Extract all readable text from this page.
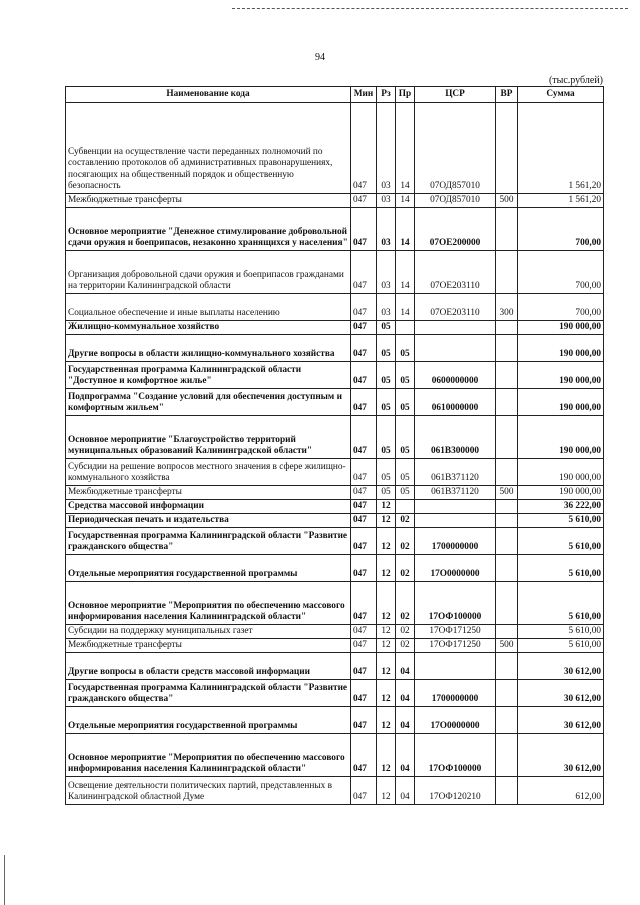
94
(тыс.рублей)
Наименование кода	Мин	Рз	Пр	ЦСР	ВР	Сумма
Субвенции на осуществление части переданных полномочий по составлению протоколов об административных правонарушениях, посягающих на общественный порядок и общественную безопасность	047	03	14	07ОД857010		1 561,20
Межбюджетные трансферты	047	03	14	07ОД857010	500	1 561,20
Основное мероприятие "Денежное стимулирование добровольной сдачи оружия и боеприпасов, незаконно хранящихся у населения"	047	03	14	07ОЕ200000		700,00
Организация добровольной сдачи оружия и боеприпасов гражданами на территории Калининградской области	047	03	14	07ОЕ203110		700,00
Социальное обеспечение и иные выплаты населению	047	03	14	07ОЕ203110	300	700,00
Жилищно-коммунальное хозяйство	047	05				190 000,00
Другие вопросы в области жилищно-коммунального хозяйства	047	05	05			190 000,00
Государственная программа Калининградской области "Доступное и комфортное жилье"	047	05	05	0600000000		190 000,00
Подпрограмма "Создание условий для обеспечения доступным и комфортным жильем"	047	05	05	0610000000		190 000,00
Основное мероприятие "Благоустройство территорий муниципальных образований Калининградской области"	047	05	05	061В300000		190 000,00
Субсидии на решение вопросов местного значения в сфере жилищно-коммунального хозяйства	047	05	05	061В371120		190 000,00
Межбюджетные трансферты	047	05	05	061В371120	500	190 000,00
Средства массовой информации	047	12				36 222,00
Периодическая печать и издательства	047	12	02			5 610,00
Государственная программа Калининградской области "Развитие гражданского общества"	047	12	02	1700000000		5 610,00
Отдельные мероприятия государственной программы	047	12	02	17О0000000		5 610,00
Основное мероприятие "Мероприятия по обеспечению массового информирования населения Калининградской области"	047	12	02	17ОФ100000		5 610,00
Субсидии на поддержку муниципальных газет	047	12	02	17ОФ171250		5 610,00
Межбюджетные трансферты	047	12	02	17ОФ171250	500	5 610,00
Другие вопросы в области средств массовой информации	047	12	04			30 612,00
Государственная программа Калининградской области "Развитие гражданского общества"	047	12	04	1700000000		30 612,00
Отдельные мероприятия государственной программы	047	12	04	17О0000000		30 612,00
Основное мероприятие "Мероприятия по обеспечению массового информирования населения Калининградской области"	047	12	04	17ОФ100000		30 612,00
Освещение деятельности политических партий, представленных в Калининградской областной Думе	047	12	04	17ОФ120210		612,00
